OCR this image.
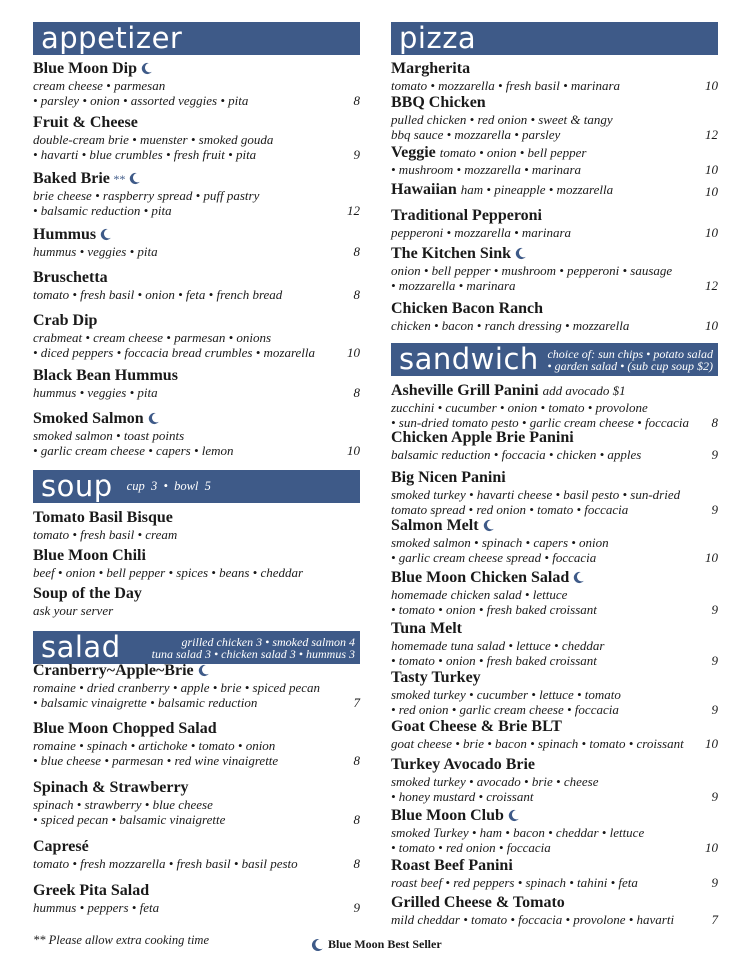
appetizer
Blue Moon Dip
cream cheese • parmesan
• parsley • onion • assorted veggies • pita	8
Fruit & Cheese
double-cream brie • muenster • smoked gouda
• havarti • blue crumbles • fresh fruit • pita	9
Baked Brie **
brie cheese • raspberry spread • puff pastry
• balsamic reduction • pita	12
Hummus
hummus • veggies • pita	8
Bruschetta
tomato • fresh basil • onion • feta • french bread	8
Crab Dip
crabmeat • cream cheese • parmesan • onions
• diced peppers • foccacia bread crumbles • mozarella	10
Black Bean Hummus
hummus • veggies • pita	8
Smoked Salmon
smoked salmon • toast points
• garlic cream cheese • capers • lemon	10
soup cup  3  •  bowl  5
Tomato Basil Bisque
tomato • fresh basil • cream
Blue Moon Chili
beef • onion • bell pepper • spices • beans • cheddar
Soup of the Day
ask your server
salad	grilled chicken 3 • smoked salmon 4
tuna salad 3 • chicken salad 3 • hummus 3
Cranberry~Apple~Brie
romaine • dried cranberry • apple • brie • spiced pecan
• balsamic vinaigrette • balsamic reduction	7
Blue Moon Chopped Salad
romaine • spinach • artichoke • tomato • onion
• blue cheese • parmesan • red wine vinaigrette	8
Spinach & Strawberry
spinach • strawberry • blue cheese
• spiced pecan • balsamic vinaigrette	8
Capresé
tomato • fresh mozzarella • fresh basil • basil pesto	8
Greek Pita Salad
hummus • peppers • feta	9
pizza
Margherita
tomato • mozzarella • fresh basil • marinara	10
BBQ Chicken
pulled chicken • red onion • sweet & tangy
bbq sauce • mozzarella • parsley	12
Veggie tomato • onion • bell pepper
• mushroom • mozzarella • marinara	10
Hawaiian ham • pineapple • mozzarella	10
Traditional Pepperoni
pepperoni • mozzarella • marinara	10
The Kitchen Sink
onion • bell pepper • mushroom • pepperoni • sausage
• mozzarella • marinara	12
Chicken Bacon Ranch
chicken • bacon • ranch dressing • mozzarella	10
sandwich choice of: sun chips • potato salad
• garden salad • (sub cup soup $2)
Asheville Grill Panini add avocado $1
zucchini • cucumber • onion • tomato • provolone
• sun-dried tomato pesto • garlic cream cheese • foccacia	8
Chicken Apple Brie Panini
balsamic reduction • foccacia • chicken • apples	9
Big Nicen Panini
smoked turkey • havarti cheese • basil pesto • sun-dried
tomato spread • red onion • tomato • foccacia	9
Salmon Melt
smoked salmon • spinach • capers • onion
• garlic cream cheese spread • foccacia	10
Blue Moon Chicken Salad
homemade chicken salad • lettuce
• tomato • onion • fresh baked croissant	9
Tuna Melt
homemade tuna salad • lettuce • cheddar
• tomato • onion • fresh baked croissant	9
Tasty Turkey
smoked turkey • cucumber • lettuce • tomato
• red onion • garlic cream cheese • foccacia	9
Goat Cheese & Brie BLT
goat cheese • brie • bacon • spinach • tomato • croissant	10
Turkey Avocado Brie
smoked turkey • avocado • brie • cheese
• honey mustard • croissant	9
Blue Moon Club
smoked Turkey • ham • bacon • cheddar • lettuce
• tomato • red onion • foccacia	10
Roast Beef Panini
roast beef • red peppers • spinach • tahini • feta	9
Grilled Cheese & Tomato
mild cheddar • tomato • foccacia • provolone • havarti	7
** Please allow extra cooking time	Blue Moon Best Seller
